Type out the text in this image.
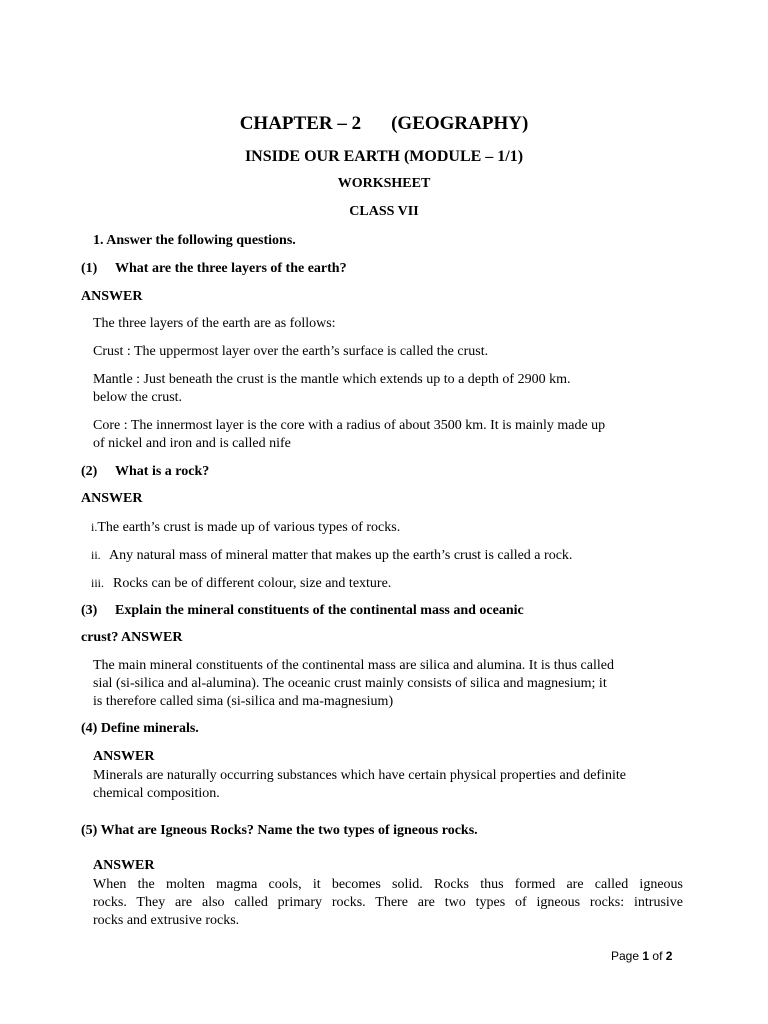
CHAPTER – 2 (GEOGRAPHY)
INSIDE OUR EARTH (MODULE – 1/1)
WORKSHEET
CLASS VII
1. Answer the following questions.
(1) What are the three layers of the earth?
ANSWER
The three layers of the earth are as follows:
Crust : The uppermost layer over the earth’s surface is called the crust.
Mantle : Just beneath the crust is the mantle which extends up to a depth of 2900 km.
below the crust.
Core : The innermost layer is the core with a radius of about 3500 km. It is mainly made up
of nickel and iron and is called nife
(2) What is a rock?
ANSWER
i.The earth’s crust is made up of various types of rocks.
ii. Any natural mass of mineral matter that makes up the earth’s crust is called a rock.
iii. Rocks can be of different colour, size and texture.
(3) Explain the mineral constituents of the continental mass and oceanic
crust? ANSWER
The main mineral constituents of the continental mass are silica and alumina. It is thus called
sial (si-silica and al-alumina). The oceanic crust mainly consists of silica and magnesium; it
is therefore called sima (si-silica and ma-magnesium)
(4) Define minerals.
ANSWER
Minerals are naturally occurring substances which have certain physical properties and definite
chemical composition.
(5) What are Igneous Rocks? Name the two types of igneous rocks.
ANSWER
When the molten magma cools, it becomes solid. Rocks thus formed are called igneous
rocks. They are also called primary rocks. There are two types of igneous rocks: intrusive
rocks and extrusive rocks.
Page 1 of 2
